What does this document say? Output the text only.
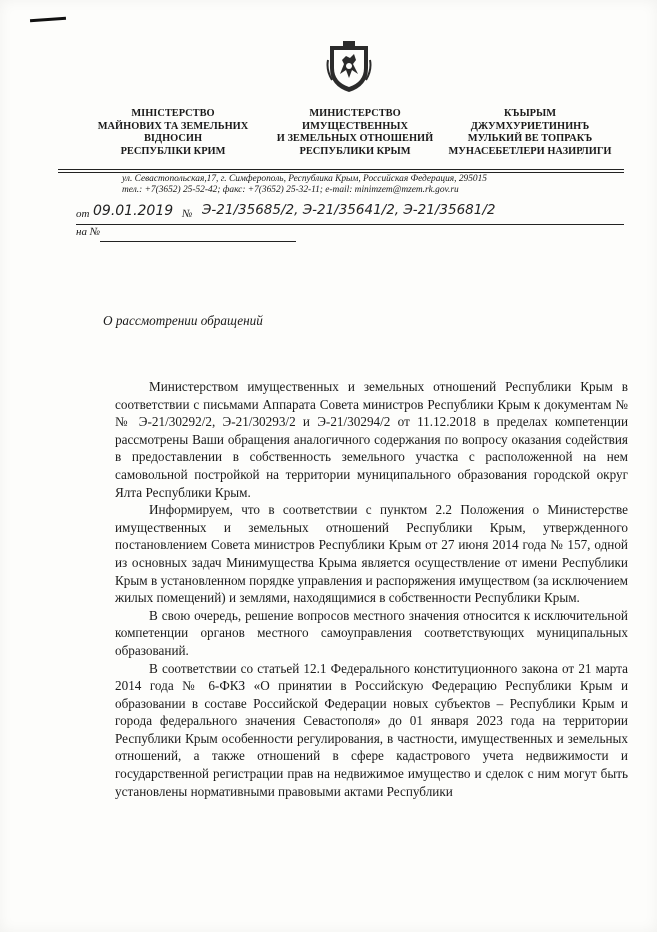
МІНІСТЕРСТВО
МАЙНОВИХ ТА ЗЕМЕЛЬНИХ
ВІДНОСИН
РЕСПУБЛІКИ КРИМ
МИНИСТЕРСТВО
ИМУЩЕСТВЕННЫХ
И ЗЕМЕЛЬНЫХ ОТНОШЕНИЙ
РЕСПУБЛИКИ КРЫМ
КЪЫРЫМ
ДЖУМХУРИЕТИНИНЪ
МУЛЬКИЙ ВЕ ТОПРАКЪ
МУНАСЕБЕТЛЕРИ НАЗИРЛИГИ
ул. Севастопольская,17, г. Симферополь, Республика Крым, Российская Федерация, 295015
тел.: +7(3652) 25-52-42; факс: +7(3652) 25-32-11; e-mail: minimzem@mzem.rk.gov.ru
от 09.01.2019 № Э-21/35685/2, Э-21/35641/2, Э-21/35681/2
на №
О рассмотрении обращений

Министерством имущественных и земельных отношений Республики Крым в соответствии с письмами Аппарата Совета министров Республики Крым к документам №№ Э-21/30292/2, Э-21/30293/2 и Э-21/30294/2 от 11.12.2018 в пределах компетенции рассмотрены Ваши обращения аналогичного содержания по вопросу оказания содействия в предоставлении в собственность земельного участка с расположенной на нем самовольной постройкой на территории муниципального образования городской округ Ялта Республики Крым.

Информируем, что в соответствии с пунктом 2.2 Положения о Министерстве имущественных и земельных отношений Республики Крым, утвержденного постановлением Совета министров Республики Крым от 27 июня 2014 года № 157, одной из основных задач Минимущества Крыма является осуществление от имени Республики Крым в установленном порядке управления и распоряжения имуществом (за исключением жилых помещений) и землями, находящимися в собственности Республики Крым.

В свою очередь, решение вопросов местного значения относится к исключительной компетенции органов местного самоуправления соответствующих муниципальных образований.

В соответствии со статьей 12.1 Федерального конституционного закона от 21 марта 2014 года № 6-ФКЗ «О принятии в Российскую Федерацию Республики Крым и образовании в составе Российской Федерации новых субъектов – Республики Крым и города федерального значения Севастополя» до 01 января 2023 года на территории Республики Крым особенности регулирования, в частности, имущественных и земельных отношений, а также отношений в сфере кадастрового учета недвижимости и государственной регистрации прав на недвижимое имущество и сделок с ним могут быть установлены нормативными правовыми актами Республики
